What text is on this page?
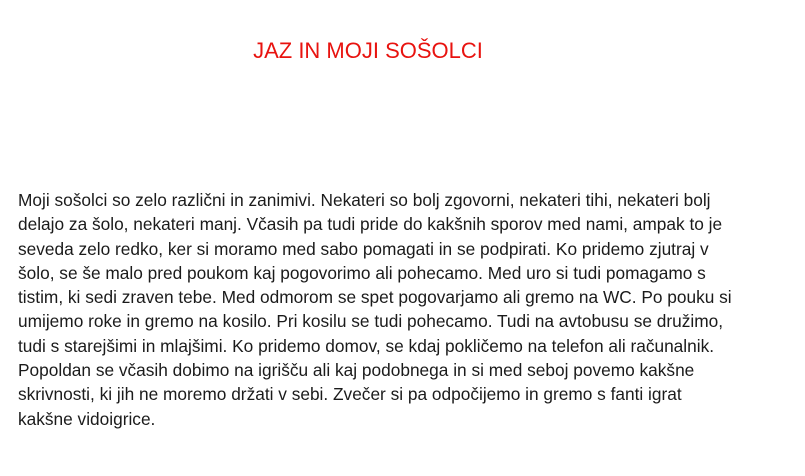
JAZ IN MOJI SOŠOLCI
Moji sošolci so zelo različni in zanimivi. Nekateri so bolj zgovorni, nekateri tihi, nekateri bolj
delajo za šolo, nekateri manj. Včasih pa tudi pride do kakšnih sporov med nami, ampak to je
seveda zelo redko, ker si moramo med sabo pomagati in se podpirati. Ko pridemo zjutraj v
šolo, se še malo pred poukom kaj pogovorimo ali pohecamo. Med uro si tudi pomagamo s
tistim, ki sedi zraven tebe. Med odmorom se spet pogovarjamo ali gremo na WC. Po pouku si
umijemo roke in gremo na kosilo. Pri kosilu se tudi pohecamo. Tudi na avtobusu se družimo,
tudi s starejšimi in mlajšimi. Ko pridemo domov, se kdaj pokličemo na telefon ali računalnik.
Popoldan se včasih dobimo na igrišču ali kaj podobnega in si med seboj povemo kakšne
skrivnosti, ki jih ne moremo držati v sebi. Zvečer si pa odpočijemo in gremo s fanti igrat
kakšne vidoigrice.
